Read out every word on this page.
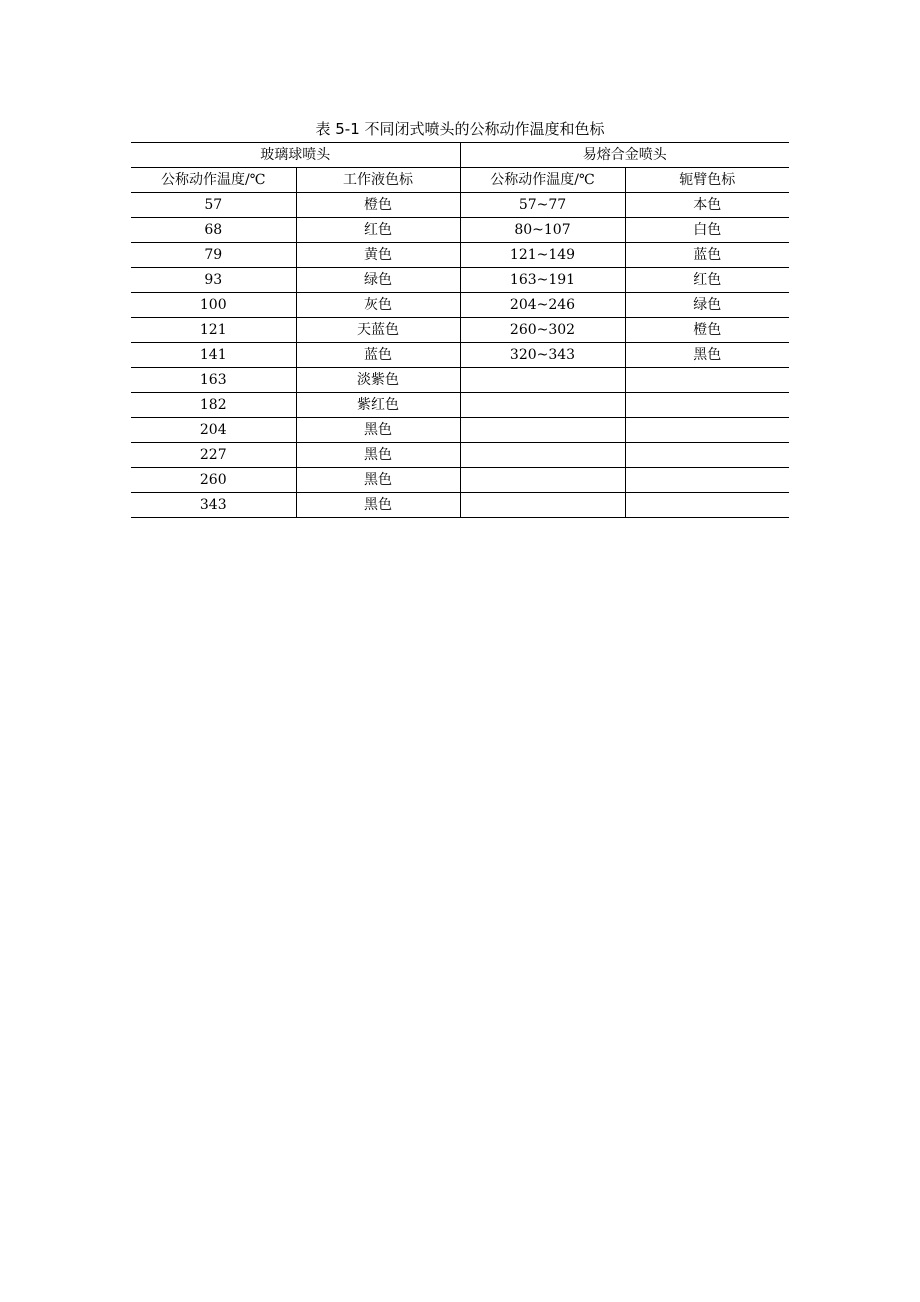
表 5-1 不同闭式喷头的公称动作温度和色标
玻璃球喷头		易熔合金喷头	
公称动作温度/℃	工作液色标	公称动作温度/℃	轭臂色标
57	橙色	57~77	本色
68	红色	80~107	白色
79	黄色	121~149	蓝色
93	绿色	163~191	红色
100	灰色	204~246	绿色
121	天蓝色	260~302	橙色
141	蓝色	320~343	黑色
163	淡紫色		
182	紫红色		
204	黑色		
227	黑色		
260	黑色		
343	黑色		
